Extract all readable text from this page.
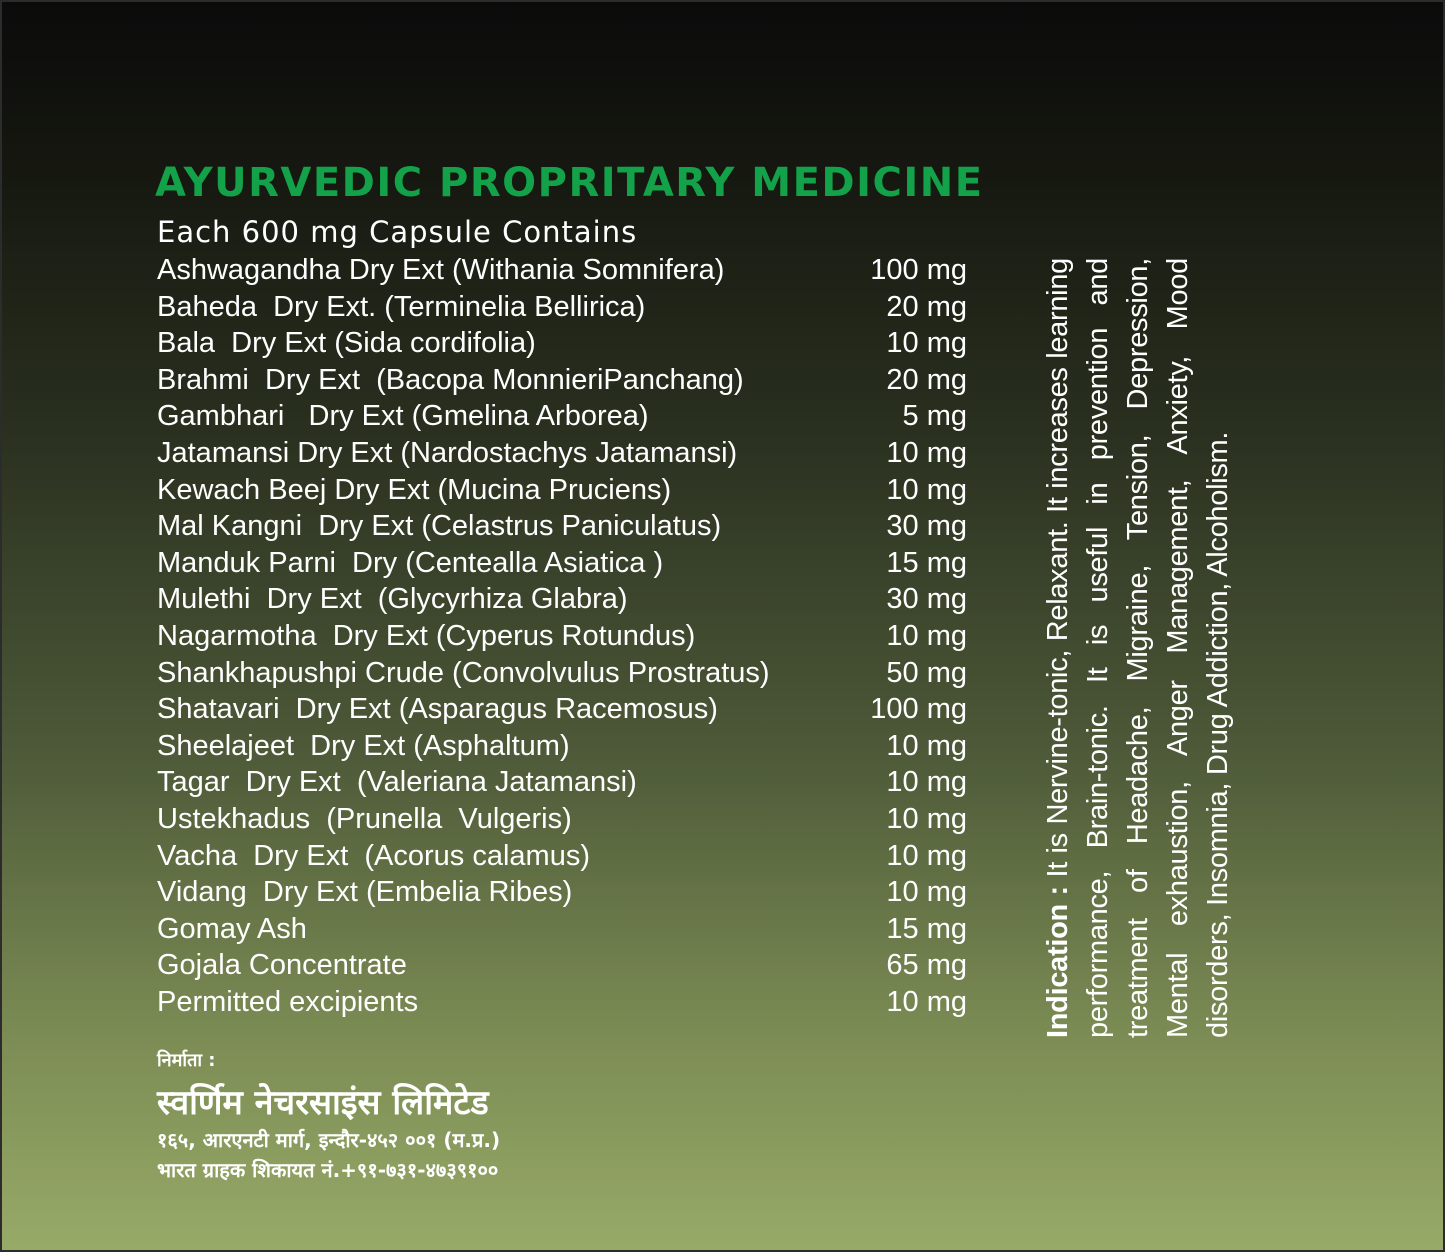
AYURVEDIC PROPRITARY MEDICINE
Each 600 mg Capsule Contains
Ashwagandha Dry Ext (Withania Somnifera)	100 mg
Baheda  Dry Ext. (Terminelia Bellirica)	20 mg
Bala  Dry Ext (Sida cordifolia)	10 mg
Brahmi  Dry Ext  (Bacopa MonnieriPanchang)	20 mg
Gambhari   Dry Ext (Gmelina Arborea)	5 mg
Jatamansi Dry Ext (Nardostachys Jatamansi)	10 mg
Kewach Beej Dry Ext (Mucina Pruciens)	10 mg
Mal Kangni  Dry Ext (Celastrus Paniculatus)	30 mg
Manduk Parni  Dry (Centealla Asiatica )	15 mg
Mulethi  Dry Ext  (Glycyrhiza Glabra)	30 mg
Nagarmotha  Dry Ext (Cyperus Rotundus)	10 mg
Shankhapushpi Crude (Convolvulus Prostratus)	50 mg
Shatavari  Dry Ext (Asparagus Racemosus)	100 mg
Sheelajeet  Dry Ext (Asphaltum)	10 mg
Tagar  Dry Ext  (Valeriana Jatamansi)	10 mg
Ustekhadus  (Prunella  Vulgeris)	10 mg
Vacha  Dry Ext  (Acorus calamus)	10 mg
Vidang  Dry Ext (Embelia Ribes)	10 mg
Gomay Ash	15 mg
Gojala Concentrate	65 mg
Permitted excipients	10 mg	Indication : It is Nervine-tonic, Relaxant. It increases learning performance, Brain-tonic. It is useful in prevention and treatment of Headache, Migraine, Tension, Depression, Mental exhaustion, Anger Management, Anxiety, Mood disorders, Insomnia, Drug Addiction, Alcoholism.
निर्माता :
स्वर्णिम नेचरसाइंस लिमिटेड
१६५, आरएनटी मार्ग, इन्दौर-४५२ ००१ (म.प्र.)
भारत ग्राहक शिकायत नं.+९१-७३१-४७३९१००
